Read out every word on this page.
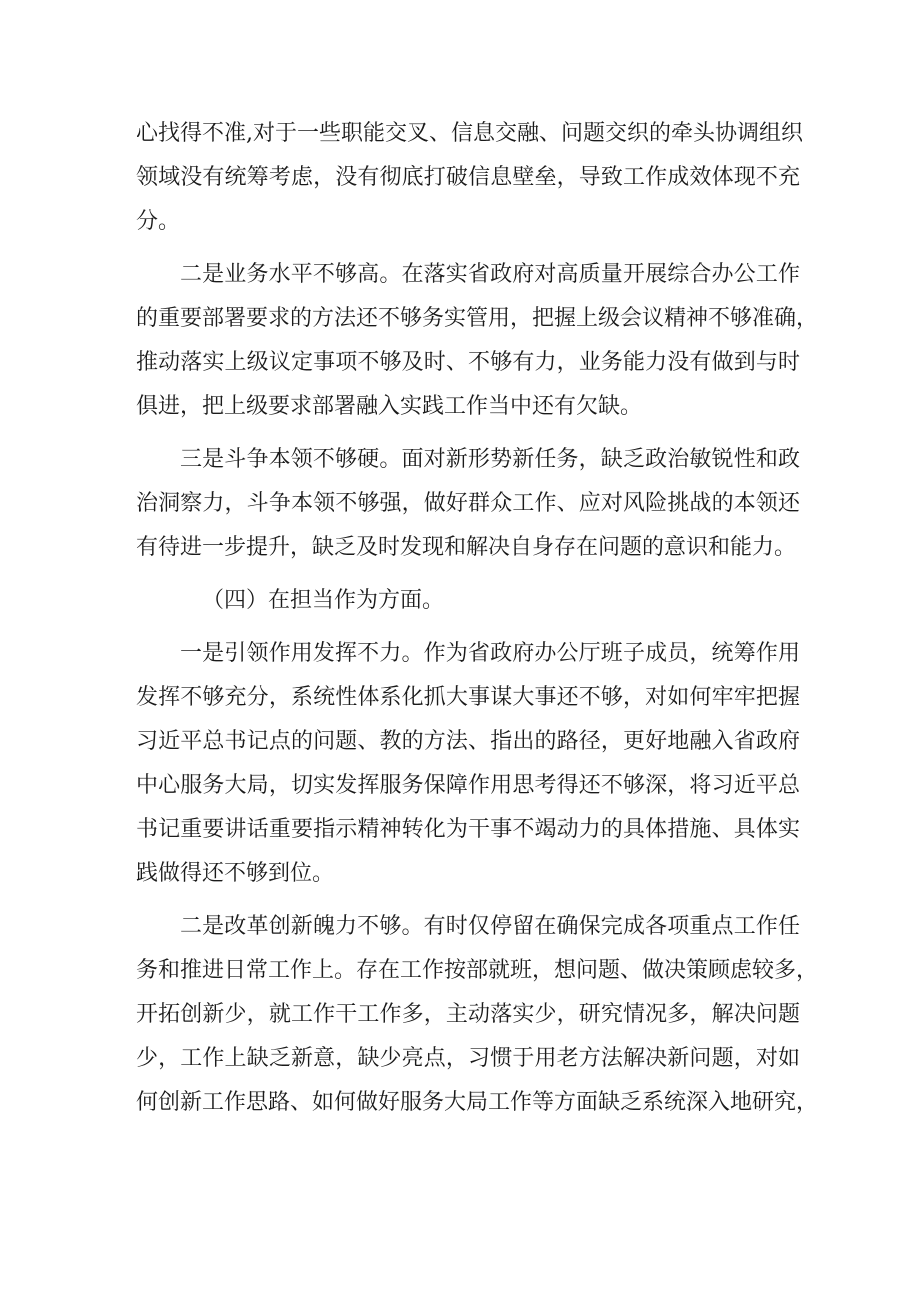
心找得不准,对于一些职能交叉、信息交融、问题交织的牵头协调组织
领域没有统筹考虑，没有彻底打破信息壁垒，导致工作成效体现不充
分。
二是业务水平不够高。在落实省政府对高质量开展综合办公工作
的重要部署要求的方法还不够务实管用，把握上级会议精神不够准确，
推动落实上级议定事项不够及时、不够有力，业务能力没有做到与时
俱进，把上级要求部署融入实践工作当中还有欠缺。
三是斗争本领不够硬。面对新形势新任务，缺乏政治敏锐性和政
治洞察力，斗争本领不够强，做好群众工作、应对风险挑战的本领还
有待进一步提升，缺乏及时发现和解决自身存在问题的意识和能力。
（四）在担当作为方面。
一是引领作用发挥不力。作为省政府办公厅班子成员，统筹作用
发挥不够充分，系统性体系化抓大事谋大事还不够，对如何牢牢把握
习近平总书记点的问题、教的方法、指出的路径，更好地融入省政府
中心服务大局，切实发挥服务保障作用思考得还不够深，将习近平总
书记重要讲话重要指示精神转化为干事不竭动力的具体措施、具体实
践做得还不够到位。
二是改革创新魄力不够。有时仅停留在确保完成各项重点工作任
务和推进日常工作上。存在工作按部就班，想问题、做决策顾虑较多，
开拓创新少，就工作干工作多，主动落实少，研究情况多，解决问题
少，工作上缺乏新意，缺少亮点，习惯于用老方法解决新问题，对如
何创新工作思路、如何做好服务大局工作等方面缺乏系统深入地研究，
